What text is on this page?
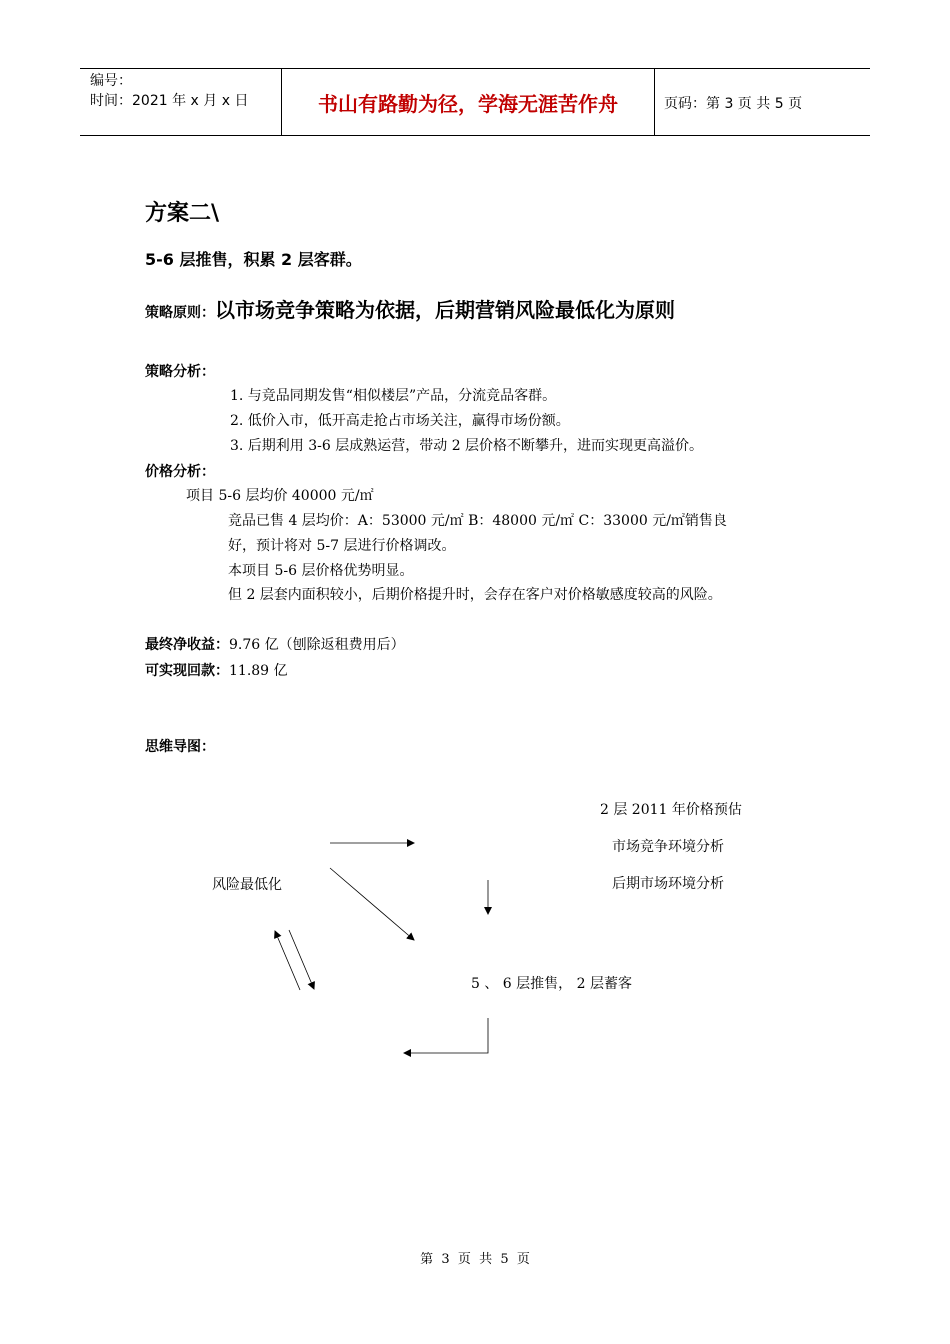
编号：
时间：2021 年 x 月 x 日	书山有路勤为径，学海无涯苦作舟	页码：第 3 页 共 5 页
方案二\
5-6 层推售，积累 2 层客群。
策略原则：以市场竞争策略为依据，后期营销风险最低化为原则
策略分析：
1. 与竞品同期发售“相似楼层”产品，分流竞品客群。
2. 低价入市，低开高走抢占市场关注，赢得市场份额。
3. 后期利用 3-6 层成熟运营，带动 2 层价格不断攀升，进而实现更高溢价。
价格分析：
项目 5-6 层均价 40000 元/㎡
竞品已售 4 层均价：A：53000 元/㎡ B：48000 元/㎡ C：33000 元/㎡销售良
好，预计将对 5-7 层进行价格调改。
本项目 5-6 层价格优势明显。
但 2 层套内面积较小，后期价格提升时，会存在客户对价格敏感度较高的风险。
最终净收益：9.76 亿（刨除返租费用后）
可实现回款：11.89 亿
思维导图：
2 层 2011 年价格预估
市场竞争环境分析
后期市场环境分析
风险最低化
5 、 6 层推售， 2 层蓄客
第  3  页  共  5  页
